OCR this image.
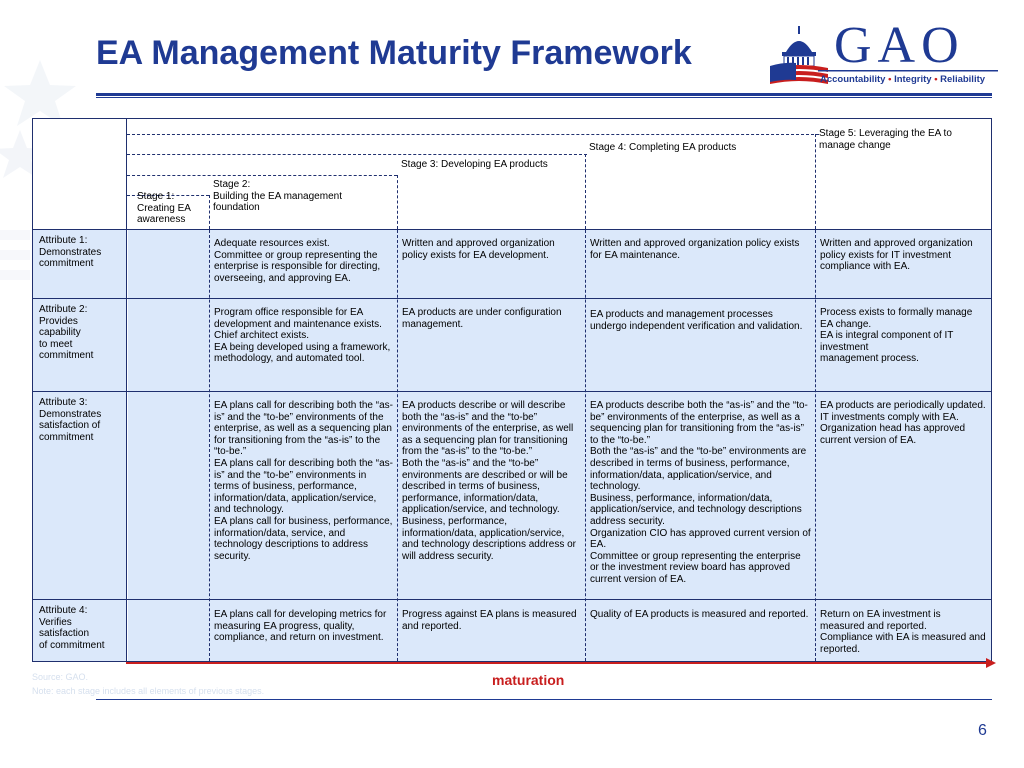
EA Management Maturity Framework	GAO
Accountability • Integrity • Reliability
Stage 1:
Creating EA
awareness
Stage 2:
Building the EA management
foundation
Stage 3: Developing EA products
Stage 4: Completing EA products
Stage 5: Leveraging the EA to
manage change
Attribute 1:
Demonstrates
commitment
Adequate resources exist.
Committee or group representing the enterprise is responsible for directing, overseeing, and approving EA.
Written and approved organization policy exists for EA development.
Written and approved organization policy exists for EA maintenance.
Written and approved organization policy exists for IT investment compliance with EA.
Attribute 2:
Provides
capability
to meet
commitment
Program office responsible for EA development and maintenance exists.
Chief architect exists.
EA being developed using a framework, methodology, and automated tool.
EA products are under configuration management.
EA products and management processes undergo independent verification and validation.
Process exists to formally manage EA change.
EA is integral component of IT investment
management process.
Attribute 3:
Demonstrates
satisfaction of
commitment
EA plans call for describing both the “as-is” and the “to-be” environments of the enterprise, as well as a sequencing plan for transitioning from the “as-is” to the “to-be.”
EA plans call for describing both the “as-is” and the “to-be” environments in terms of business, performance, information/data, application/service, and technology.
EA plans call for business, performance, information/data, service, and technology descriptions to address security.
EA products describe or will describe both the “as-is” and the “to-be” environments of the enterprise, as well as a sequencing plan for transitioning from the “as-is” to the “to-be.”
Both the “as-is” and the “to-be” environments are described or will be described in terms of business, performance, information/data, application/service, and technology.
Business, performance, information/data, application/service, and technology descriptions address or will address security.
EA products describe both the “as-is” and the “to-be” environments of the enterprise, as well as a sequencing plan for transitioning from the “as-is” to the “to-be.”
Both the “as-is” and the “to-be” environments are described in terms of business, performance, information/data, application/service, and technology.
Business, performance, information/data, application/service, and technology descriptions address security.
Organization CIO has approved current version of EA.
Committee or group representing the enterprise or the investment review board has approved current version of EA.
EA products are periodically updated.
IT investments comply with EA.
Organization head has approved current version of EA.
Attribute 4:
Verifies
satisfaction
of commitment
EA plans call for developing metrics for measuring EA progress, quality, compliance, and return on investment.
Progress against EA plans is measured and reported.
Quality of EA products is measured and reported.	Return on EA investment is measured and reported.
Compliance with EA is measured and reported.
maturation
Source: GAO.
Note: each stage includes all elements of previous stages.
6
